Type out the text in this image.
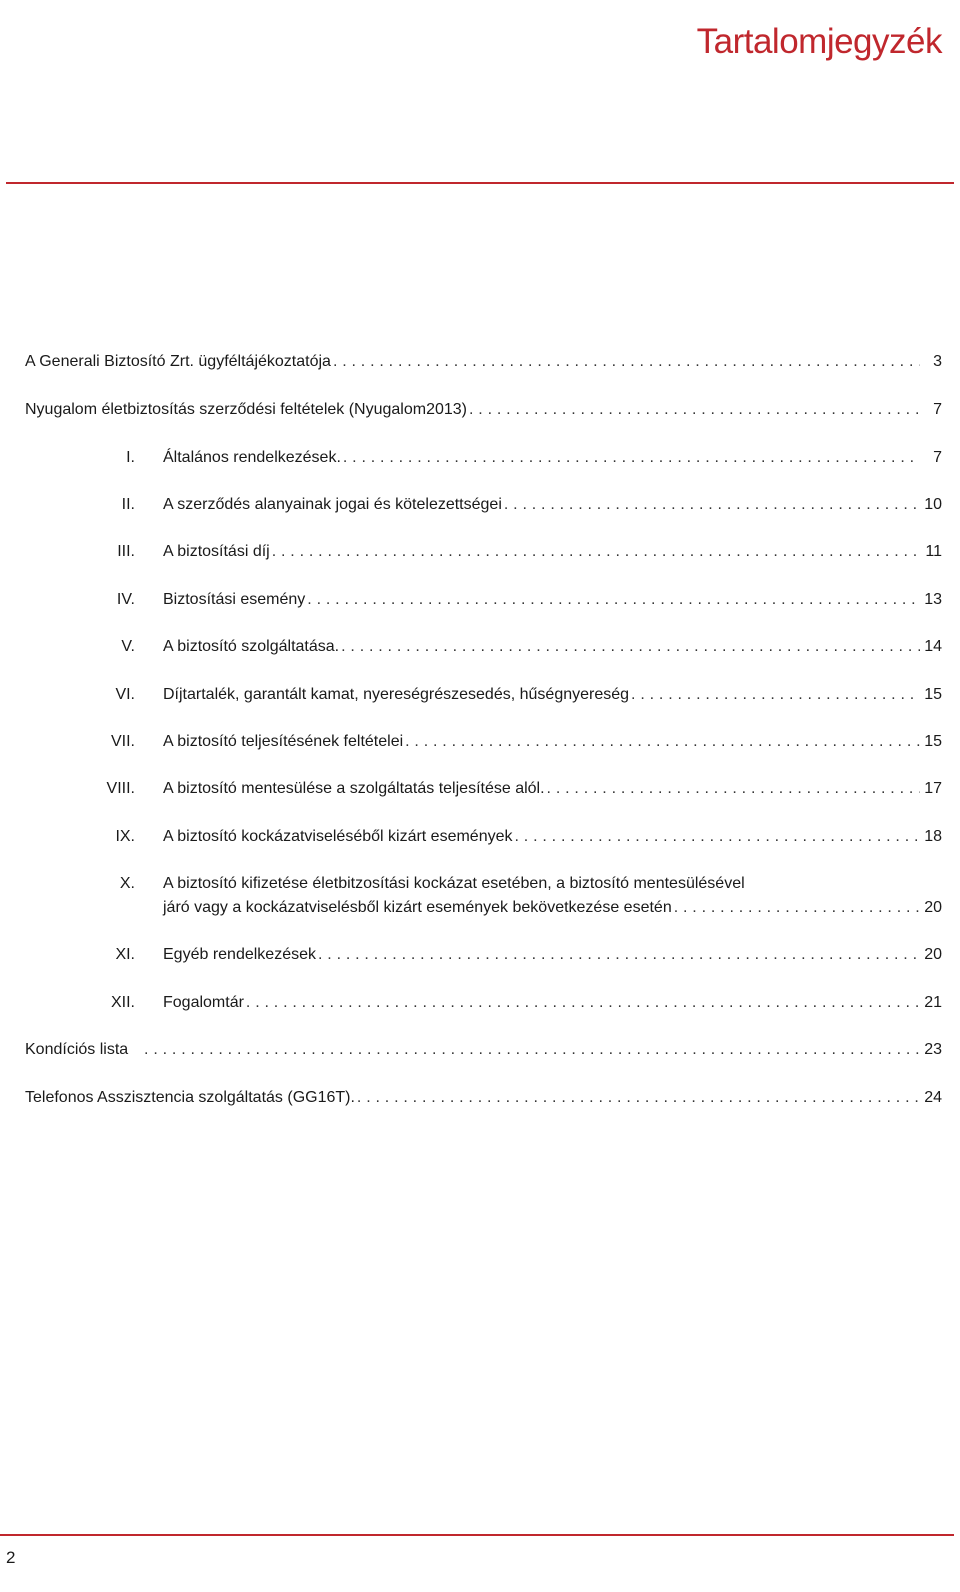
Tartalomjegyzék
A Generali Biztosító Zrt. ügyféltájékoztatója . . .	3
Nyugalom életbiztosítás szerződési feltételek (Nyugalom2013) . . .	7
I. Általános rendelkezések. . . .	7
II. A szerződés alanyainak jogai és kötelezettségei . . .	10
III. A biztosítási díj . . .	11
IV. Biztosítási esemény . . .	13
V. A biztosító szolgáltatása. . . .	14
VI. Díjtartalék, garantált kamat, nyereségrészesedés, hűségnyereség . . .	15
VII. A biztosító teljesítésének feltételei . . .	15
VIII. A biztosító mentesülése a szolgáltatás teljesítése alól. . . .	17
IX. A biztosító kockázatviseléséből kizárt események . . .	18
X. A biztosító kifizetése életbitzosítási kockázat esetében, a biztosító mentesülésével
járó vagy a kockázatviselésből kizárt események bekövetkezése esetén . . .	20
XI. Egyéb rendelkezések . . .	20
XII. Fogalomtár . . .	21
Kondíciós lista . . .	23
Telefonos Asszisztencia szolgáltatás (GG16T). . . .	24

2
